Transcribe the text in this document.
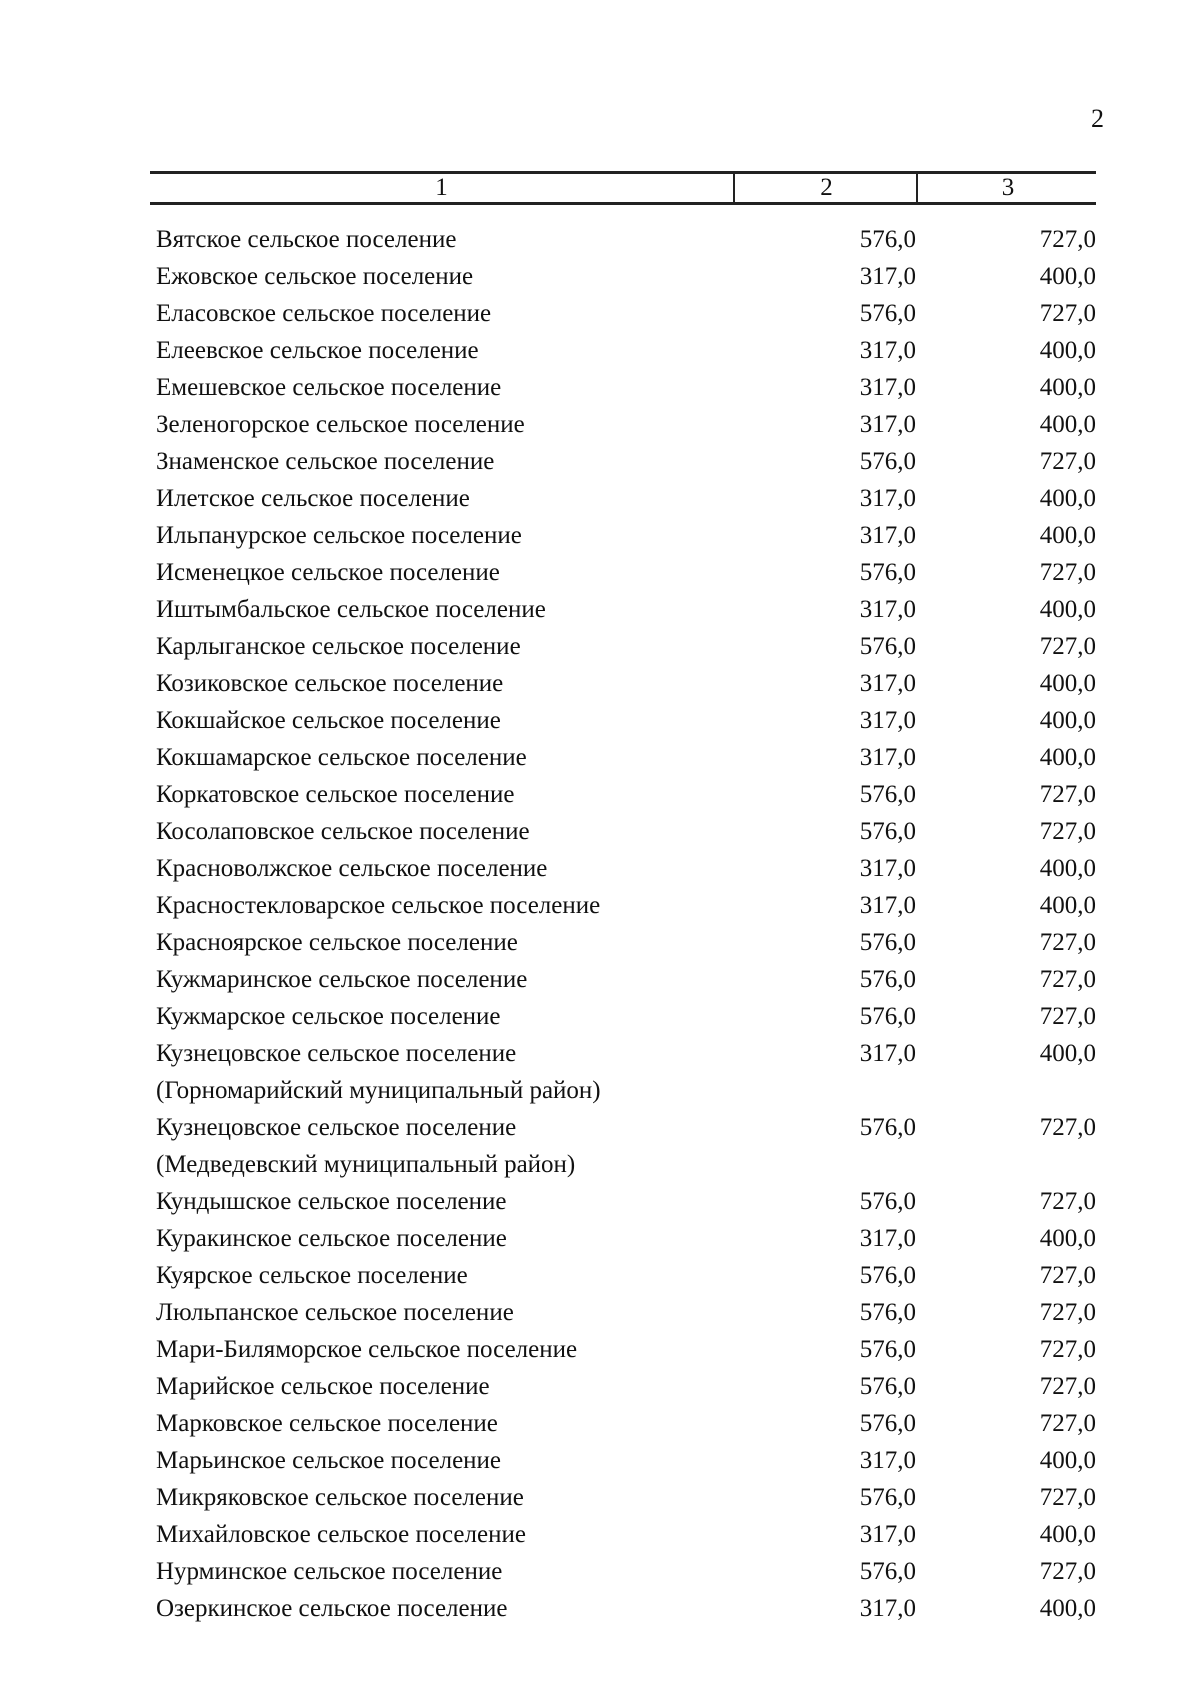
2
1	2	3
Вятское сельское поселение	576,0	727,0
Ежовское сельское поселение	317,0	400,0
Еласовское сельское поселение	576,0	727,0
Елеевское сельское поселение	317,0	400,0
Емешевское сельское поселение	317,0	400,0
Зеленогорское сельское поселение	317,0	400,0
Знаменское сельское поселение	576,0	727,0
Илетское сельское поселение	317,0	400,0
Ильпанурское сельское поселение	317,0	400,0
Исменецкое сельское поселение	576,0	727,0
Иштымбальское сельское поселение	317,0	400,0
Карлыганское сельское поселение	576,0	727,0
Козиковское сельское поселение	317,0	400,0
Кокшайское сельское поселение	317,0	400,0
Кокшамарское сельское поселение	317,0	400,0
Коркатовское сельское поселение	576,0	727,0
Косолаповское сельское поселение	576,0	727,0
Красноволжское сельское поселение	317,0	400,0
Красностекловарское сельское поселение	317,0	400,0
Красноярское сельское поселение	576,0	727,0
Кужмаринское сельское поселение	576,0	727,0
Кужмарское сельское поселение	576,0	727,0
Кузнецовское сельское поселение	317,0	400,0
(Горномарийский муниципальный район)
Кузнецовское сельское поселение	576,0	727,0
(Медведевский муниципальный район)
Кундышское сельское поселение	576,0	727,0
Куракинское сельское поселение	317,0	400,0
Куярское сельское поселение	576,0	727,0
Люльпанское сельское поселение	576,0	727,0
Мари-Биляморское сельское поселение	576,0	727,0
Марийское сельское поселение	576,0	727,0
Марковское сельское поселение	576,0	727,0
Марьинское сельское поселение	317,0	400,0
Микряковское сельское поселение	576,0	727,0
Михайловское сельское поселение	317,0	400,0
Нурминское сельское поселение	576,0	727,0
Озеркинское сельское поселение	317,0	400,0
